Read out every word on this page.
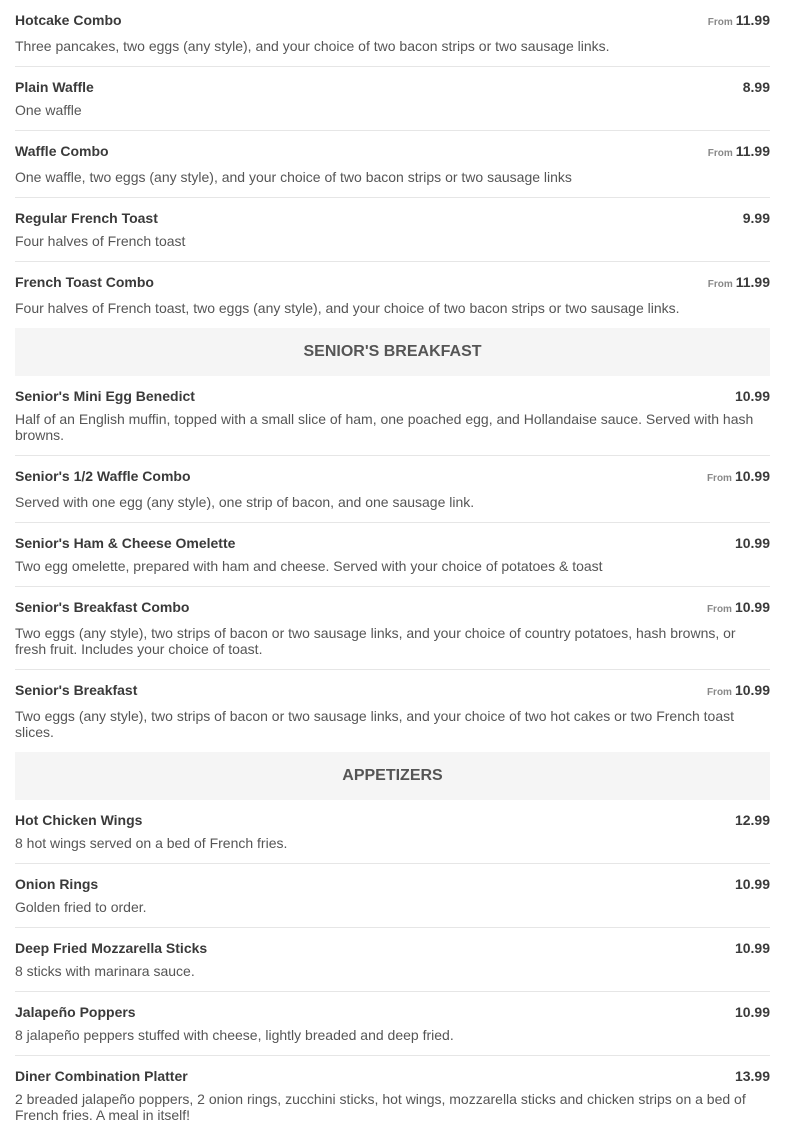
Hotcake Combo	From 11.99
Three pancakes, two eggs (any style), and your choice of two bacon strips or two sausage links.
Plain Waffle	8.99
One waffle
Waffle Combo	From 11.99
One waffle, two eggs (any style), and your choice of two bacon strips or two sausage links
Regular French Toast	9.99
Four halves of French toast
French Toast Combo	From 11.99
Four halves of French toast, two eggs (any style), and your choice of two bacon strips or two sausage links.
SENIOR'S BREAKFAST
Senior's Mini Egg Benedict	10.99
Half of an English muffin, topped with a small slice of ham, one poached egg, and Hollandaise sauce. Served with hash browns.
Senior's 1/2 Waffle Combo	From 10.99
Served with one egg (any style), one strip of bacon, and one sausage link.
Senior's Ham & Cheese Omelette	10.99
Two egg omelette, prepared with ham and cheese. Served with your choice of potatoes & toast
Senior's Breakfast Combo	From 10.99
Two eggs (any style), two strips of bacon or two sausage links, and your choice of country potatoes, hash browns, or fresh fruit. Includes your choice of toast.
Senior's Breakfast	From 10.99
Two eggs (any style), two strips of bacon or two sausage links, and your choice of two hot cakes or two French toast slices.
APPETIZERS
Hot Chicken Wings	12.99
8 hot wings served on a bed of French fries.
Onion Rings	10.99
Golden fried to order.
Deep Fried Mozzarella Sticks	10.99
8 sticks with marinara sauce.
Jalapeño Poppers	10.99
8 jalapeño peppers stuffed with cheese, lightly breaded and deep fried.
Diner Combination Platter	13.99
2 breaded jalapeño poppers, 2 onion rings, zucchini sticks, hot wings, mozzarella sticks and chicken strips on a bed of French fries. A meal in itself!
